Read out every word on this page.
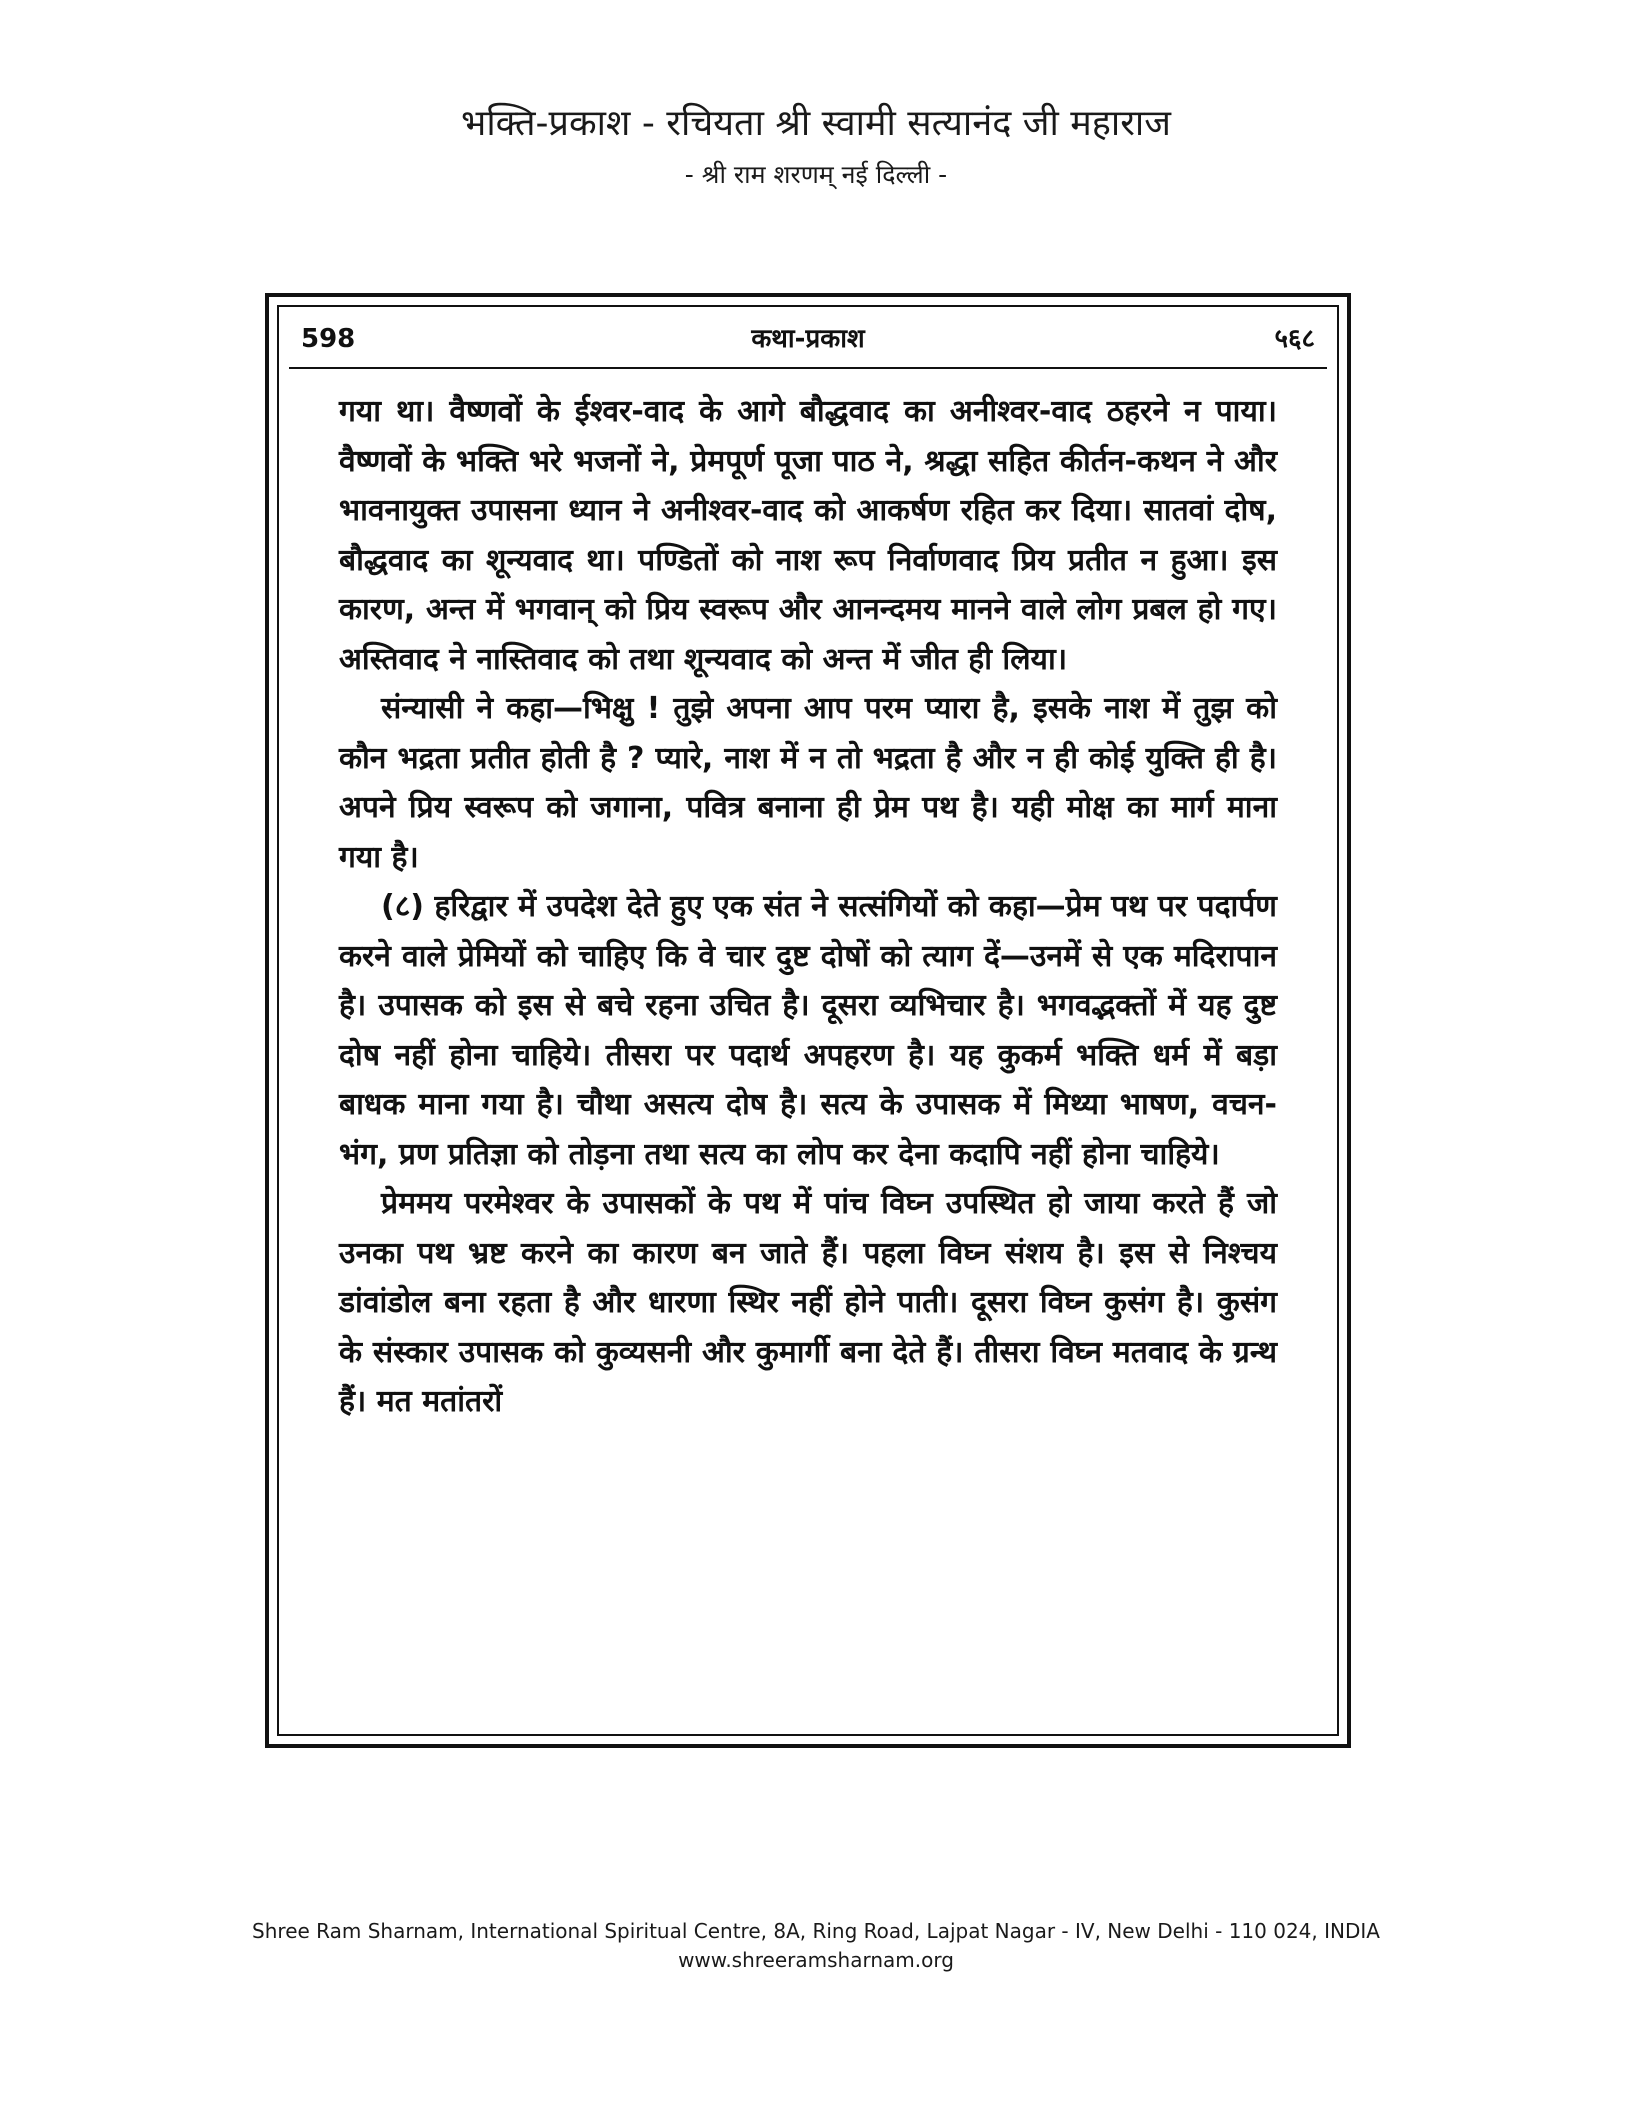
भक्ति-प्रकाश - रचियता श्री स्वामी सत्यानंद जी महाराज
- श्री राम शरणम् नई दिल्ली -
598	कथा-प्रकाश	५६८

गया था। वैष्णवों के ईश्वर-वाद के आगे बौद्धवाद का अनीश्वर-वाद ठहरने न पाया। वैष्णवों के भक्ति भरे भजनों ने, प्रेमपूर्ण पूजा पाठ ने, श्रद्धा सहित कीर्तन-कथन ने और भावनायुक्त उपासना ध्यान ने अनीश्वर-वाद को आकर्षण रहित कर दिया। सातवां दोष, बौद्धवाद का शून्यवाद था। पण्डितों को नाश रूप निर्वाणवाद प्रिय प्रतीत न हुआ। इस कारण, अन्त में भगवान् को प्रिय स्वरूप और आनन्दमय मानने वाले लोग प्रबल हो गए। अस्तिवाद ने नास्तिवाद को तथा शून्यवाद को अन्त में जीत ही लिया।

संन्यासी ने कहा—भिक्षु ! तुझे अपना आप परम प्यारा है, इसके नाश में तुझ को कौन भद्रता प्रतीत होती है ? प्यारे, नाश में न तो भद्रता है और न ही कोई युक्ति ही है। अपने प्रिय स्वरूप को जगाना, पवित्र बनाना ही प्रेम पथ है। यही मोक्ष का मार्ग माना गया है।

(८) हरिद्वार में उपदेश देते हुए एक संत ने सत्संगियों को कहा—प्रेम पथ पर पदार्पण करने वाले प्रेमियों को चाहिए कि वे चार दुष्ट दोषों को त्याग दें—उनमें से एक मदिरापान है। उपासक को इस से बचे रहना उचित है। दूसरा व्यभिचार है। भगवद्भक्तों में यह दुष्ट दोष नहीं होना चाहिये। तीसरा पर पदार्थ अपहरण है। यह कुकर्म भक्ति धर्म में बड़ा बाधक माना गया है। चौथा असत्य दोष है। सत्य के उपासक में मिथ्या भाषण, वचन-भंग, प्रण प्रतिज्ञा को तोड़ना तथा सत्य का लोप कर देना कदापि नहीं होना चाहिये।

प्रेममय परमेश्वर के उपासकों के पथ में पांच विघ्न उपस्थित हो जाया करते हैं जो उनका पथ भ्रष्ट करने का कारण बन जाते हैं। पहला विघ्न संशय है। इस से निश्चय डांवांडोल बना रहता है और धारणा स्थिर नहीं होने पाती। दूसरा विघ्न कुसंग है। कुसंग के संस्कार उपासक को कुव्यसनी और कुमार्गी बना देते हैं। तीसरा विघ्न मतवाद के ग्रन्थ हैं। मत मतांतरों

Shree Ram Sharnam, International Spiritual Centre, 8A, Ring Road, Lajpat Nagar - IV, New Delhi - 110 024, INDIA
www.shreeramsharnam.org
